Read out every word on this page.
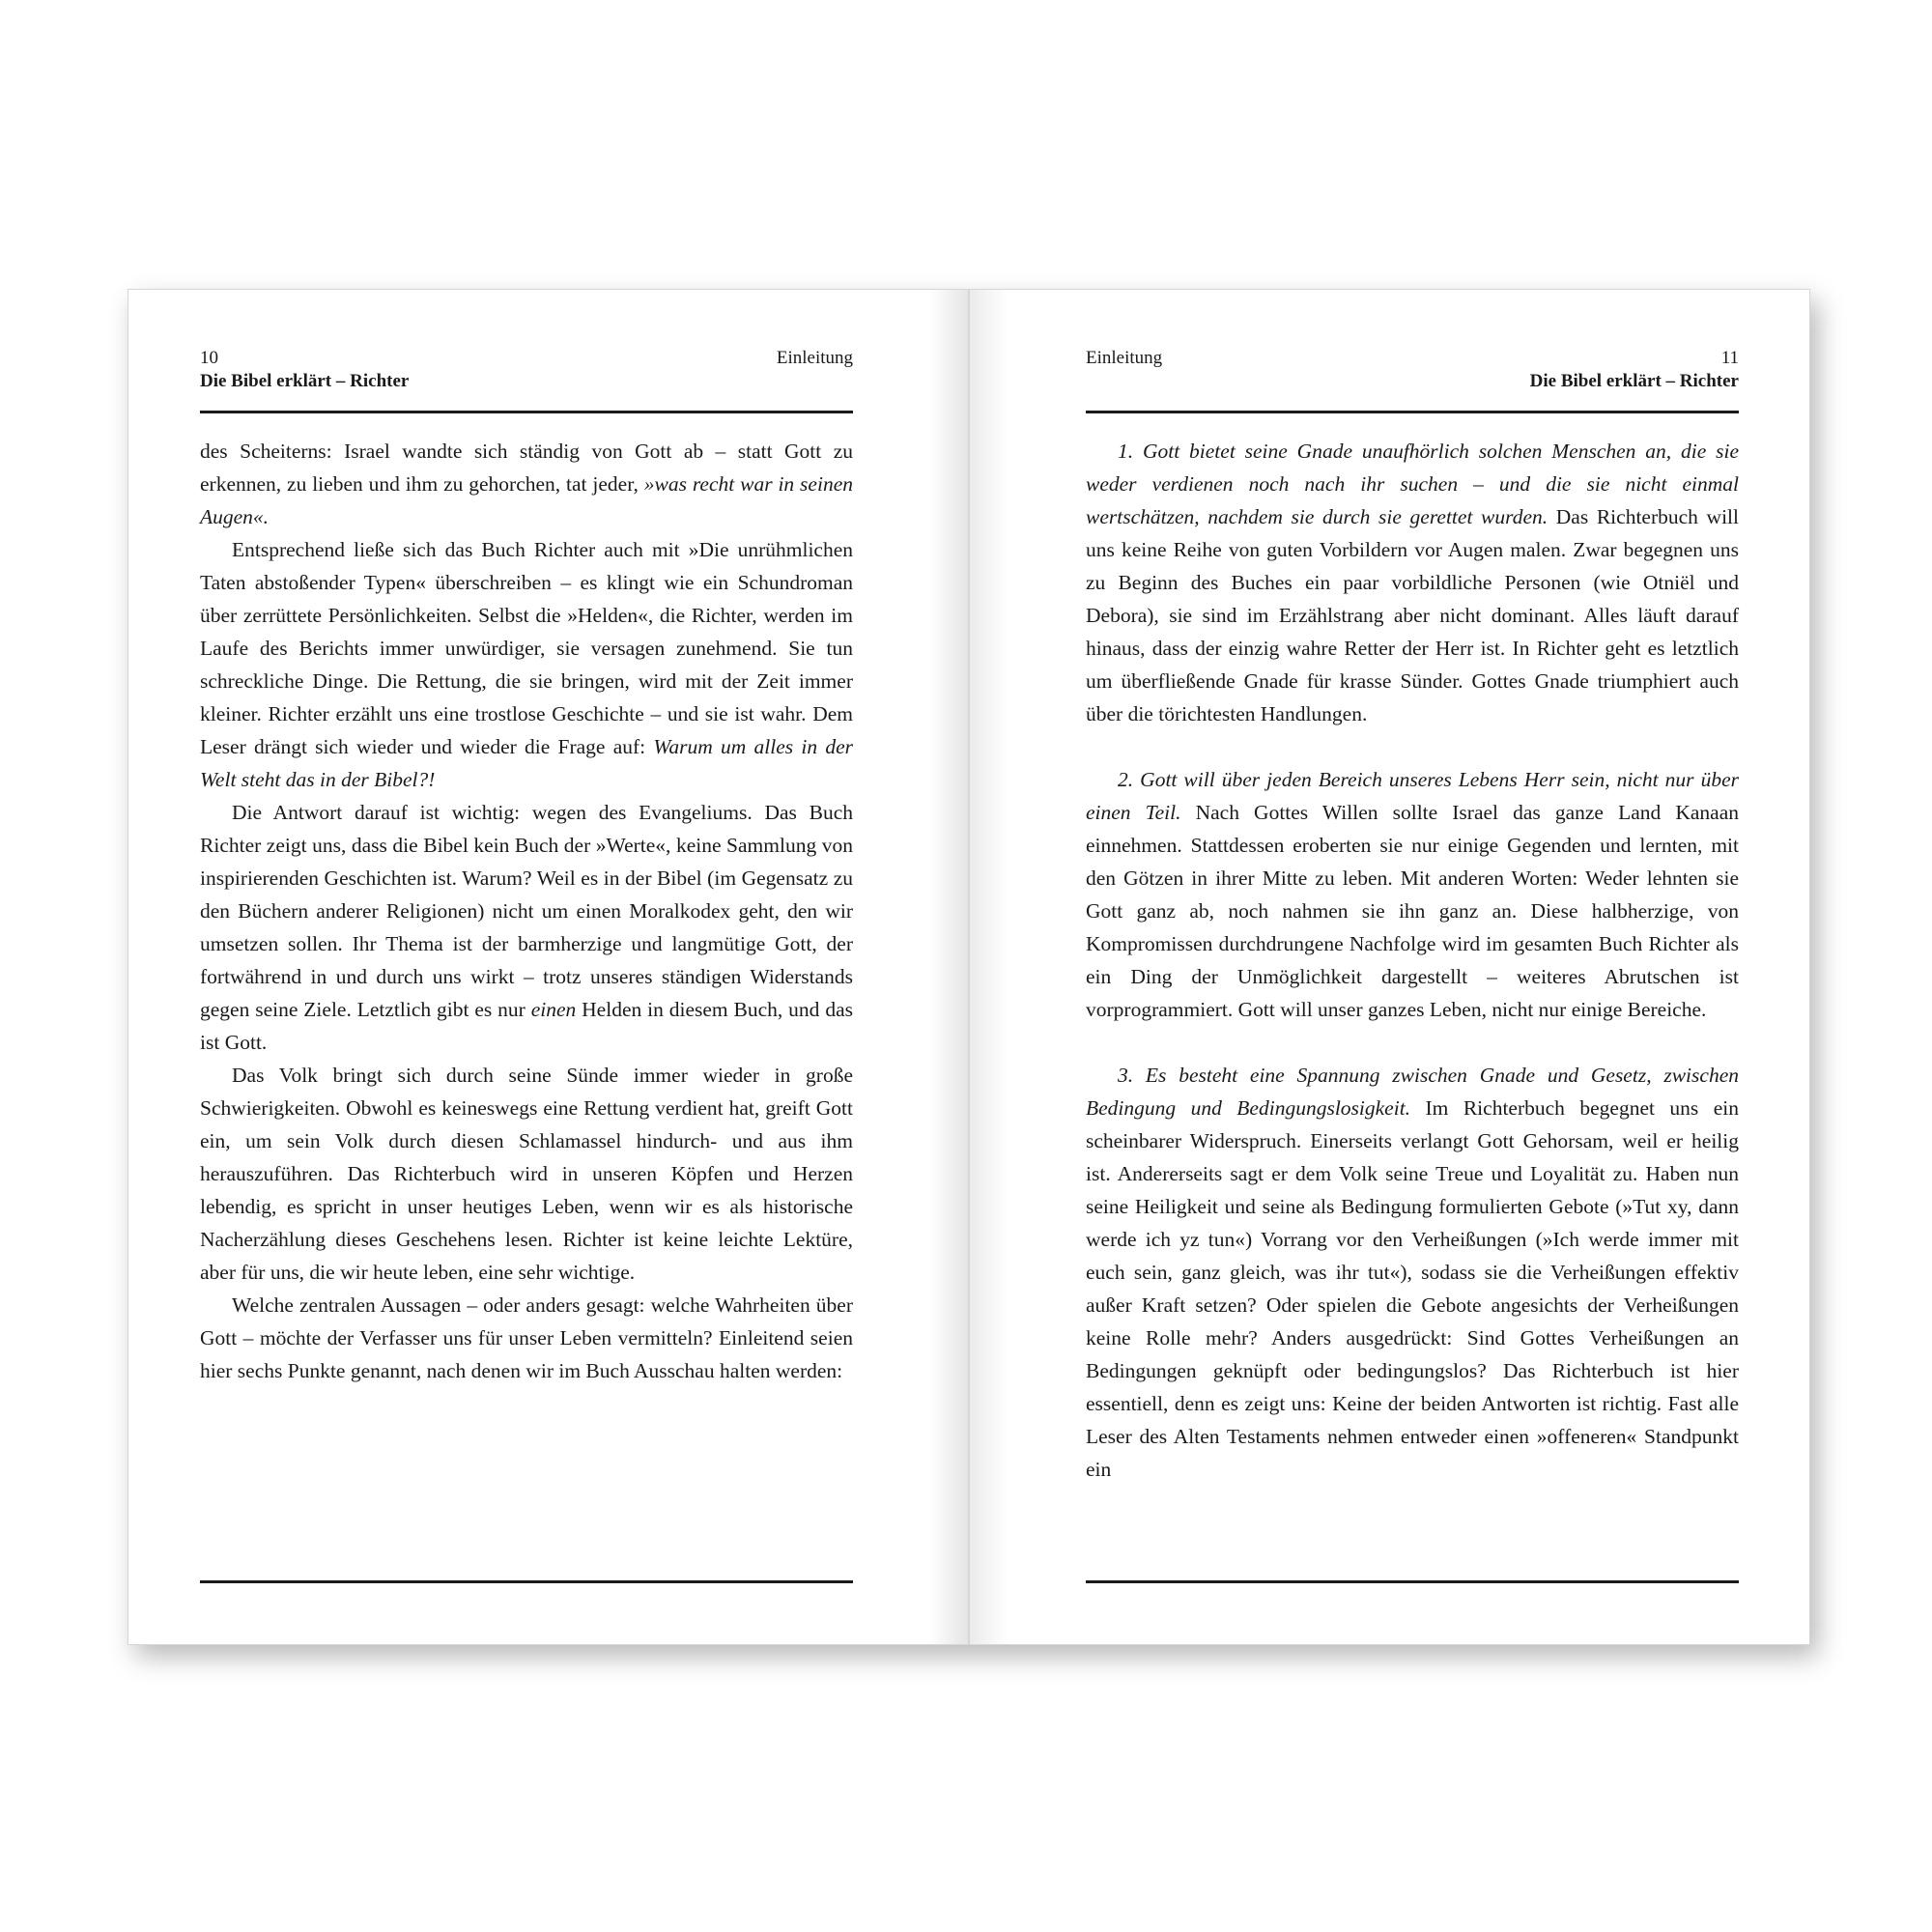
10	Einleitung
Die Bibel erklärt – Richter

des Scheiterns: Israel wandte sich ständig von Gott ab – statt Gott zu erkennen, zu lieben und ihm zu gehorchen, tat jeder, »was recht war in seinen Augen«.

Entsprechend ließe sich das Buch Richter auch mit »Die unrühmlichen Taten abstoßender Typen« überschreiben – es klingt wie ein Schundroman über zerrüttete Persönlichkeiten. Selbst die »Helden«, die Richter, werden im Laufe des Berichts immer unwürdiger, sie versagen zunehmend. Sie tun schreckliche Dinge. Die Rettung, die sie bringen, wird mit der Zeit immer kleiner. Richter erzählt uns eine trostlose Geschichte – und sie ist wahr. Dem Leser drängt sich wieder und wieder die Frage auf: Warum um alles in der Welt steht das in der Bibel?!

Die Antwort darauf ist wichtig: wegen des Evangeliums. Das Buch Richter zeigt uns, dass die Bibel kein Buch der »Werte«, keine Sammlung von inspirierenden Geschichten ist. Warum? Weil es in der Bibel (im Gegensatz zu den Büchern anderer Religionen) nicht um einen Moralkodex geht, den wir umsetzen sollen. Ihr Thema ist der barmherzige und langmütige Gott, der fortwährend in und durch uns wirkt – trotz unseres ständigen Widerstands gegen seine Ziele. Letztlich gibt es nur einen Helden in diesem Buch, und das ist Gott.

Das Volk bringt sich durch seine Sünde immer wieder in große Schwierigkeiten. Obwohl es keineswegs eine Rettung verdient hat, greift Gott ein, um sein Volk durch diesen Schlamassel hindurch- und aus ihm herauszuführen. Das Richterbuch wird in unseren Köpfen und Herzen lebendig, es spricht in unser heutiges Leben, wenn wir es als historische Nacherzählung dieses Geschehens lesen. Richter ist keine leichte Lektüre, aber für uns, die wir heute leben, eine sehr wichtige.

Welche zentralen Aussagen – oder anders gesagt: welche Wahrheiten über Gott – möchte der Verfasser uns für unser Leben vermitteln? Einleitend seien hier sechs Punkte genannt, nach denen wir im Buch Ausschau halten werden:

Einleitung	11
Die Bibel erklärt – Richter

1. Gott bietet seine Gnade unaufhörlich solchen Menschen an, die sie weder verdienen noch nach ihr suchen – und die sie nicht einmal wertschätzen, nachdem sie durch sie gerettet wurden. Das Richterbuch will uns keine Reihe von guten Vorbildern vor Augen malen. Zwar begegnen uns zu Beginn des Buches ein paar vorbildliche Personen (wie Otniël und Debora), sie sind im Erzählstrang aber nicht dominant. Alles läuft darauf hinaus, dass der einzig wahre Retter der Herr ist. In Richter geht es letztlich um überfließende Gnade für krasse Sünder. Gottes Gnade triumphiert auch über die törichtesten Handlungen.

2. Gott will über jeden Bereich unseres Lebens Herr sein, nicht nur über einen Teil. Nach Gottes Willen sollte Israel das ganze Land Kanaan einnehmen. Stattdessen eroberten sie nur einige Gegenden und lernten, mit den Götzen in ihrer Mitte zu leben. Mit anderen Worten: Weder lehnten sie Gott ganz ab, noch nahmen sie ihn ganz an. Diese halbherzige, von Kompromissen durchdrungene Nachfolge wird im gesamten Buch Richter als ein Ding der Unmöglichkeit dargestellt – weiteres Abrutschen ist vorprogrammiert. Gott will unser ganzes Leben, nicht nur einige Bereiche.

3. Es besteht eine Spannung zwischen Gnade und Gesetz, zwischen Bedingung und Bedingungslosigkeit. Im Richterbuch begegnet uns ein scheinbarer Widerspruch. Einerseits verlangt Gott Gehorsam, weil er heilig ist. Andererseits sagt er dem Volk seine Treue und Loyalität zu. Haben nun seine Heiligkeit und seine als Bedingung formulierten Gebote (»Tut xy, dann werde ich yz tun«) Vorrang vor den Verheißungen (»Ich werde immer mit euch sein, ganz gleich, was ihr tut«), sodass sie die Verheißungen effektiv außer Kraft setzen? Oder spielen die Gebote angesichts der Verheißungen keine Rolle mehr? Anders ausgedrückt: Sind Gottes Verheißungen an Bedingungen geknüpft oder bedingungslos? Das Richterbuch ist hier essentiell, denn es zeigt uns: Keine der beiden Antworten ist richtig. Fast alle Leser des Alten Testaments nehmen entweder einen »offeneren« Standpunkt ein
